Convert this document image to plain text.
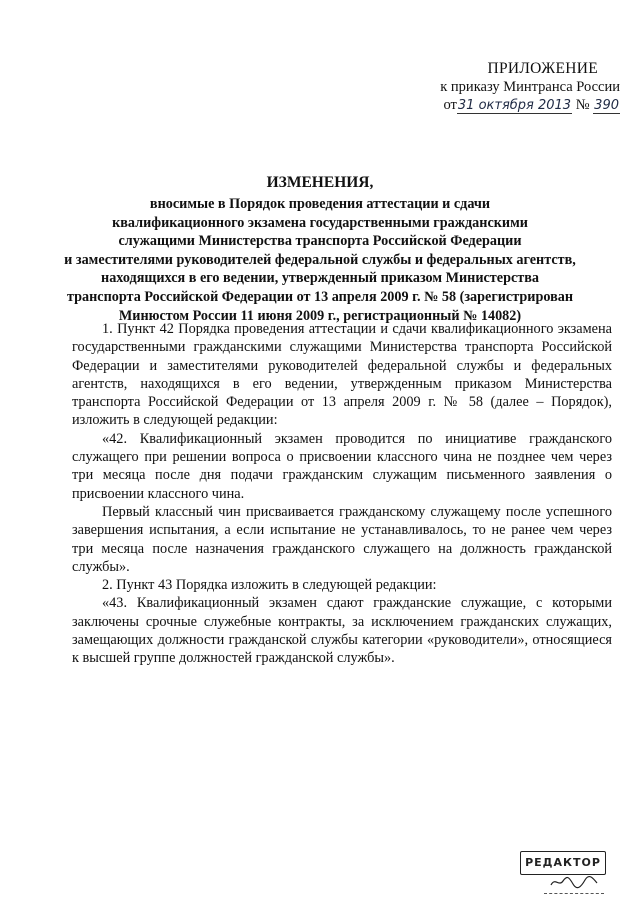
ПРИЛОЖЕНИЕ
к приказу Минтранса России
от31 октября 2013 № 390
ИЗМЕНЕНИЯ,
вносимые в Порядок проведения аттестации и сдачи
квалификационного экзамена государственными гражданскими
служащими Министерства транспорта Российской Федерации
и заместителями руководителей федеральной службы и федеральных агентств,
находящихся в его ведении, утвержденный приказом Министерства
транспорта Российской Федерации от 13 апреля 2009 г. № 58 (зарегистрирован
Минюстом России 11 июня 2009 г., регистрационный № 14082)

1. Пункт 42 Порядка проведения аттестации и сдачи квалификационного экзамена государственными гражданскими служащими Министерства транспорта Российской Федерации и заместителями руководителей федеральной службы и федеральных агентств, находящихся в его ведении, утвержденным приказом Министерства транспорта Российской Федерации от 13 апреля 2009 г. № 58 (далее – Порядок), изложить в следующей редакции:

«42. Квалификационный экзамен проводится по инициативе гражданского служащего при решении вопроса о присвоении классного чина не позднее чем через три месяца после дня подачи гражданским служащим письменного заявления о присвоении классного чина.

Первый классный чин присваивается гражданскому служащему после успешного завершения испытания, а если испытание не устанавливалось, то не ранее чем через три месяца после назначения гражданского служащего на должность гражданской службы».

2. Пункт 43 Порядка изложить в следующей редакции:

«43. Квалификационный экзамен сдают гражданские служащие, с которыми заключены срочные служебные контракты, за исключением гражданских служащих, замещающих должности гражданской службы категории «руководители», относящиеся к высшей группе должностей гражданской службы».

РЕДАКТОР
